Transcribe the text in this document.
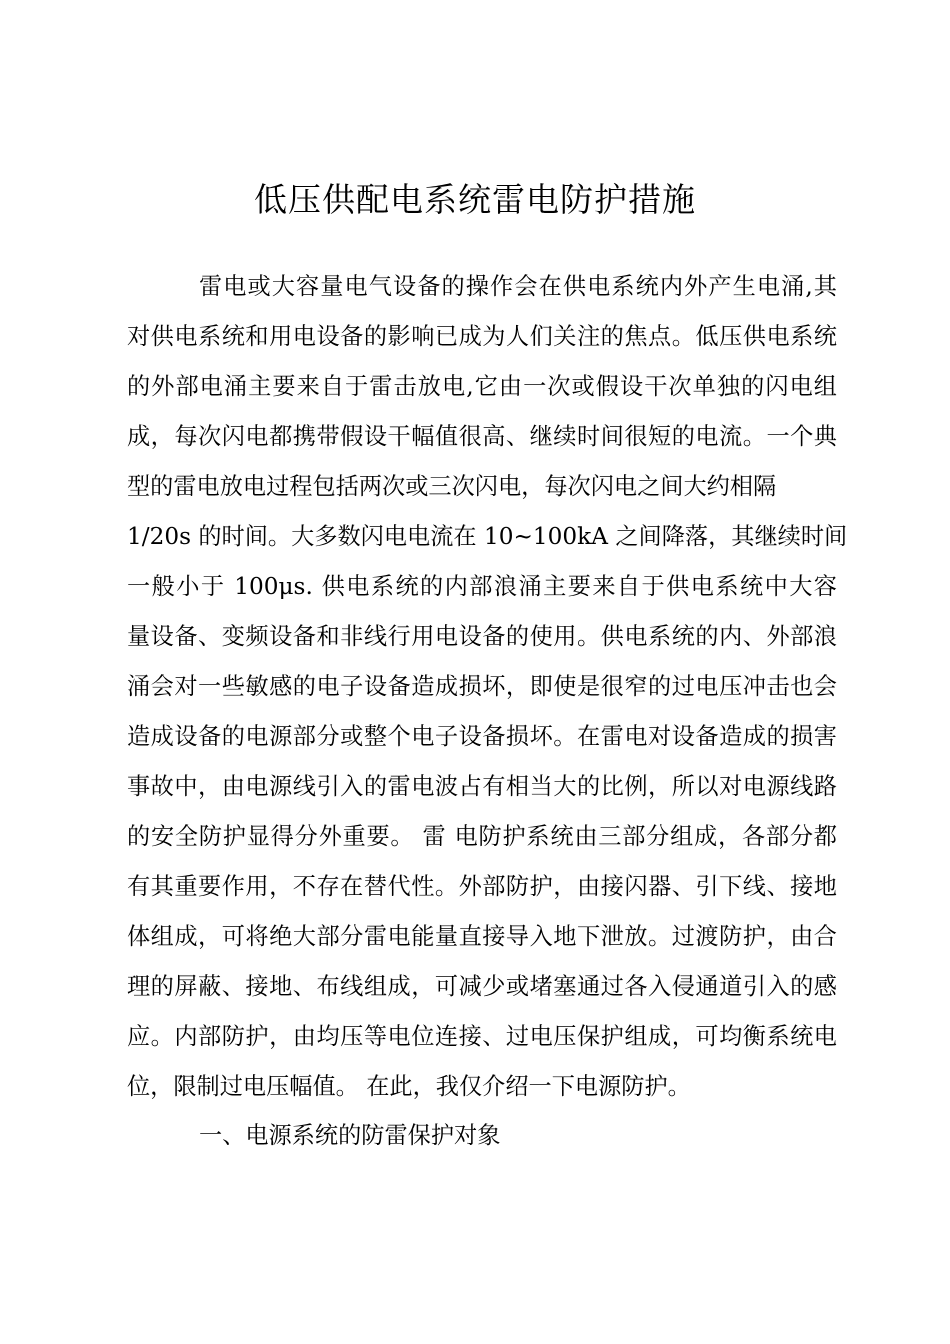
低压供配电系统雷电防护措施
雷电或大容量电气设备的操作会在供电系统内外产生电涌,其
对供电系统和用电设备的影响已成为人们关注的焦点。低压供电系统
的外部电涌主要来自于雷击放电,它由一次或假设干次单独的闪电组
成，每次闪电都携带假设干幅值很高、继续时间很短的电流。一个典
型的雷电放电过程包括两次或三次闪电，每次闪电之间大约相隔
1/20s 的时间。大多数闪电电流在 10~100kA 之间降落，其继续时间
一般小于 100μs. 供电系统的内部浪涌主要来自于供电系统中大容
量设备、变频设备和非线行用电设备的使用。供电系统的内、外部浪
涌会对一些敏感的电子设备造成损坏，即使是很窄的过电压冲击也会
造成设备的电源部分或整个电子设备损坏。在雷电对设备造成的损害
事故中，由电源线引入的雷电波占有相当大的比例，所以对电源线路
的安全防护显得分外重要。 雷 电防护系统由三部分组成，各部分都
有其重要作用，不存在替代性。外部防护，由接闪器、引下线、接地
体组成，可将绝大部分雷电能量直接导入地下泄放。过渡防护，由合
理的屏蔽、接地、布线组成，可减少或堵塞通过各入侵通道引入的感
应。内部防护，由均压等电位连接、过电压保护组成，可均衡系统电
位，限制过电压幅值。 在此，我仅介绍一下电源防护。
一、电源系统的防雷保护对象
